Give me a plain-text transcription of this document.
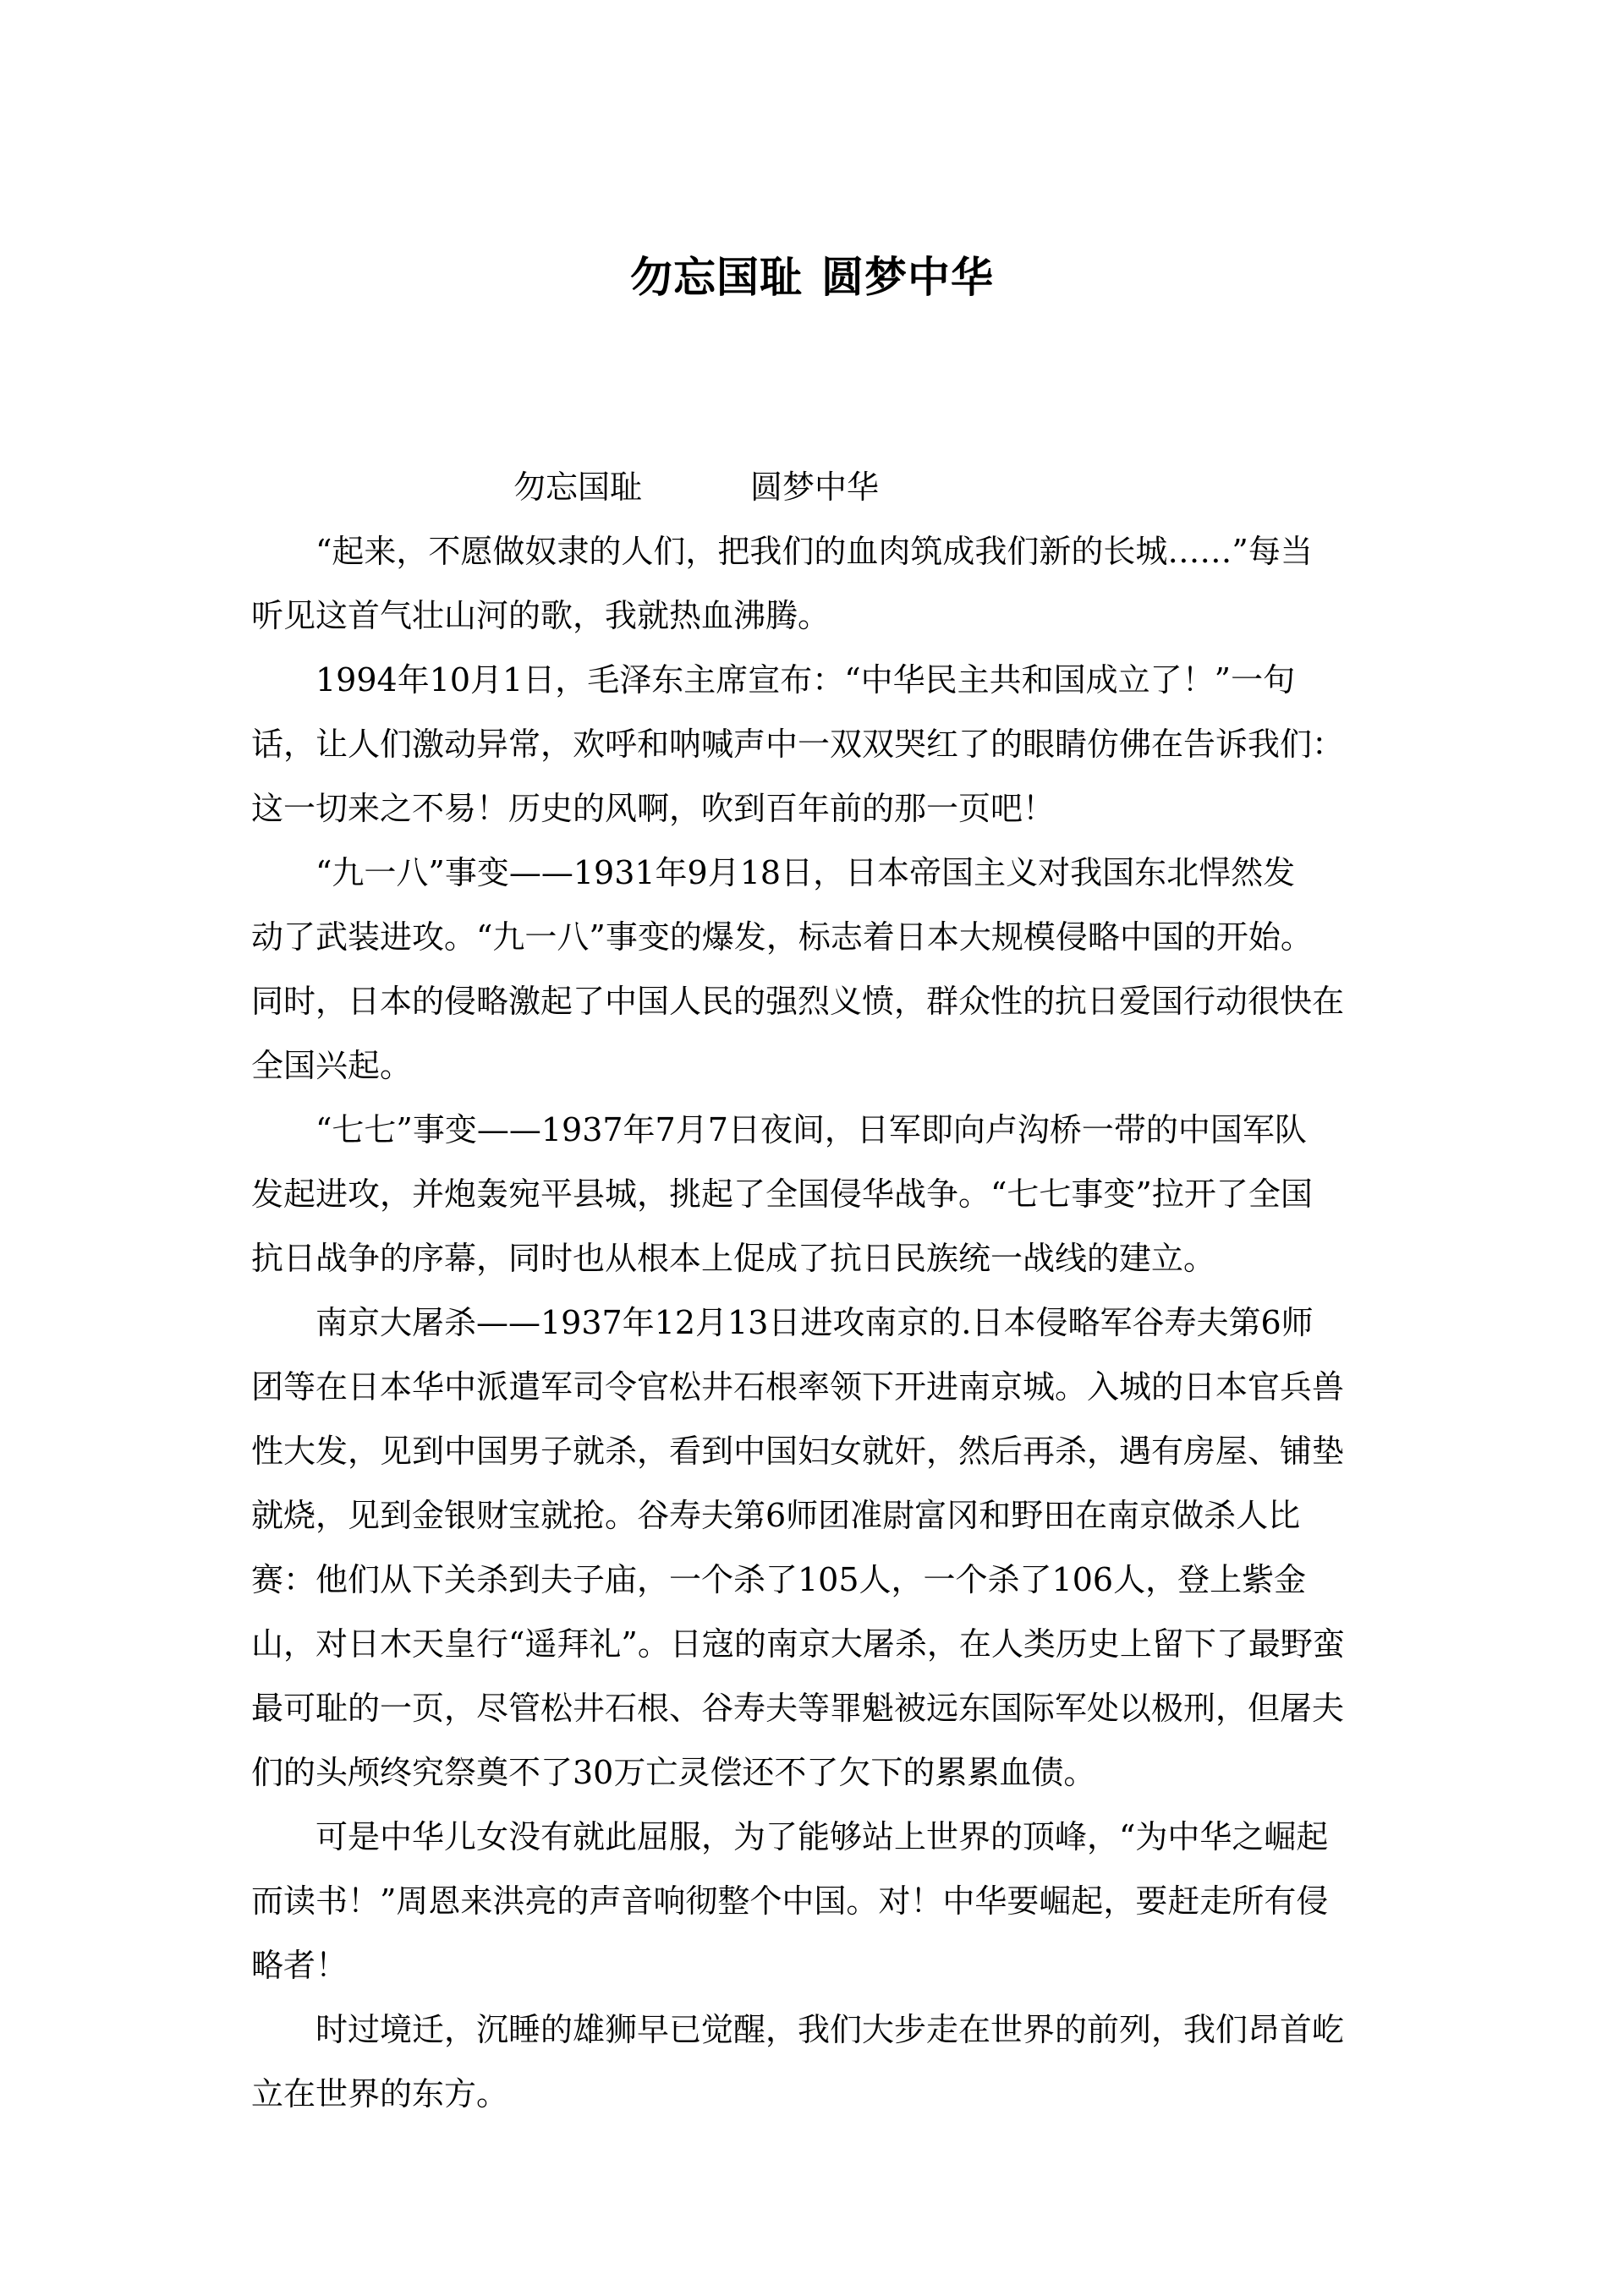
勿忘国耻 圆梦中华
勿忘国耻	圆梦中华
“起来，不愿做奴隶的人们，把我们的血肉筑成我们新的长城……”每当
听见这首气壮山河的歌，我就热血沸腾。
1994年10月1日，毛泽东主席宣布：“中华民主共和国成立了！”一句
话，让人们激动异常，欢呼和呐喊声中一双双哭红了的眼睛仿佛在告诉我们：
这一切来之不易！历史的风啊，吹到百年前的那一页吧！
“九一八”事变——1931年9月18日，日本帝国主义对我国东北悍然发
动了武装进攻。“九一八”事变的爆发，标志着日本大规模侵略中国的开始。
同时，日本的侵略激起了中国人民的强烈义愤，群众性的抗日爱国行动很快在
全国兴起。
“七七”事变——1937年7月7日夜间，日军即向卢沟桥一带的中国军队
发起进攻，并炮轰宛平县城，挑起了全国侵华战争。“七七事变”拉开了全国
抗日战争的序幕，同时也从根本上促成了抗日民族统一战线的建立。
南京大屠杀——1937年12月13日进攻南京的.日本侵略军谷寿夫第6师
团等在日本华中派遣军司令官松井石根率领下开进南京城。入城的日本官兵兽
性大发，见到中国男子就杀，看到中国妇女就奸，然后再杀，遇有房屋、铺垫
就烧，见到金银财宝就抢。谷寿夫第6师团准尉富冈和野田在南京做杀人比
赛：他们从下关杀到夫子庙，一个杀了105人，一个杀了106人，登上紫金
山，对日木天皇行“遥拜礼”。日寇的南京大屠杀，在人类历史上留下了最野蛮
最可耻的一页，尽管松井石根、谷寿夫等罪魁被远东国际军处以极刑，但屠夫
们的头颅终究祭奠不了30万亡灵偿还不了欠下的累累血债。
可是中华儿女没有就此屈服，为了能够站上世界的顶峰，“为中华之崛起
而读书！”周恩来洪亮的声音响彻整个中国。对！中华要崛起，要赶走所有侵
略者！
时过境迁，沉睡的雄狮早已觉醒，我们大步走在世界的前列，我们昂首屹
立在世界的东方。
